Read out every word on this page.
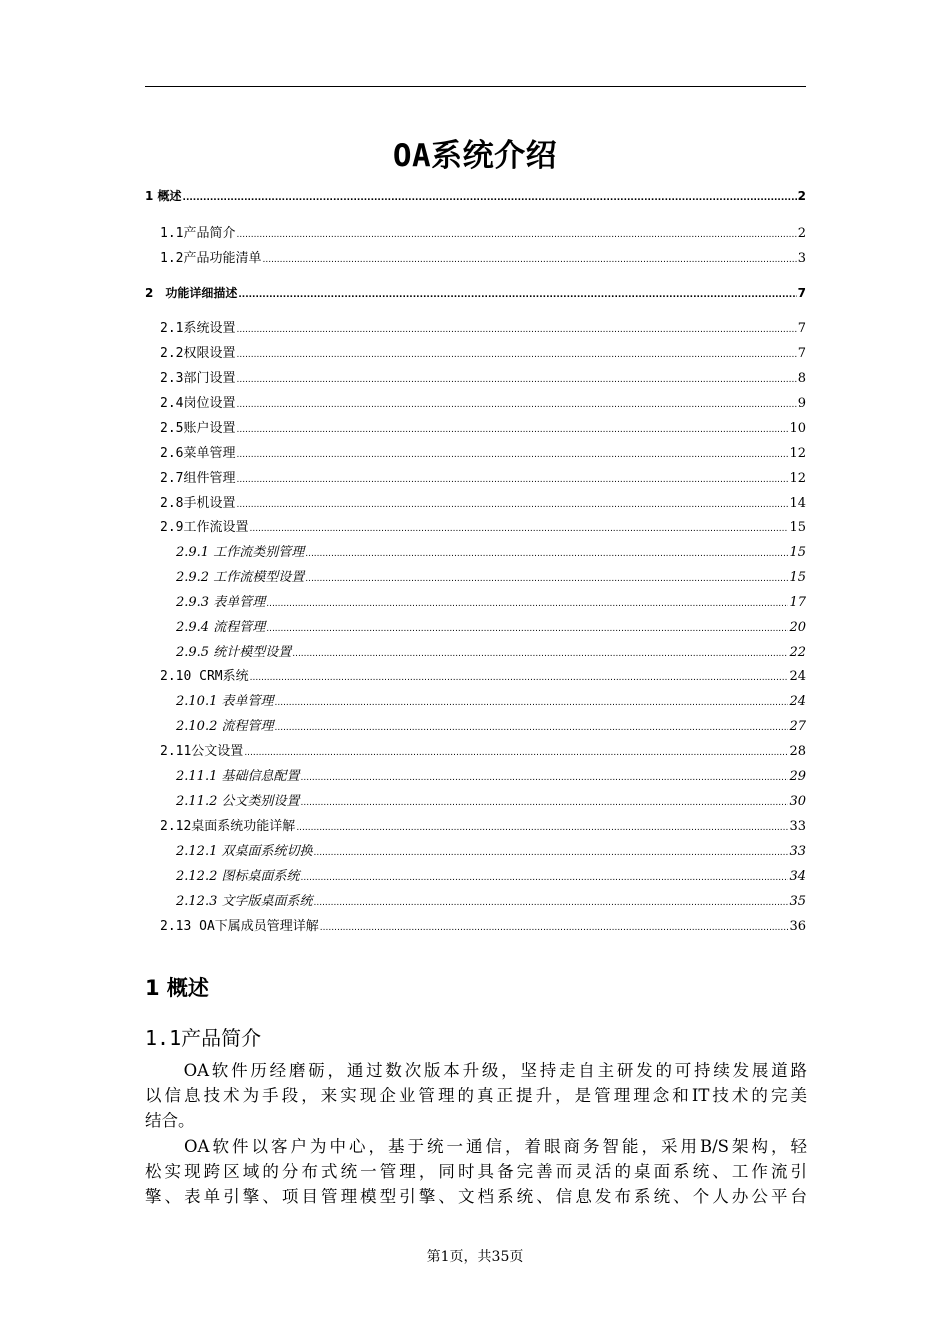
OA系统介绍
1 概述 .....	2
1.1产品简介 .....	2
1.2产品功能清单 .....	3
2　功能详细描述 .....	7
2.1系统设置 .....	7
2.2权限设置 .....	7
2.3部门设置 .....	8
2.4岗位设置 .....	9
2.5账户设置 .....	10
2.6菜单管理 .....	12
2.7组件管理 .....	12
2.8手机设置 .....	14
2.9工作流设置 .....	15
2.9.1 工作流类别管理 .....	15
2.9.2 工作流模型设置 .....	15
2.9.3 表单管理 .....	17
2.9.4 流程管理 .....	20
2.9.5 统计模型设置 .....	22
2.10 CRM系统 .....	24
2.10.1 表单管理 .....	24
2.10.2 流程管理 .....	27
2.11公文设置 .....	28
2.11.1 基础信息配置 .....	29
2.11.2 公文类别设置 .....	30
2.12桌面系统功能详解 .....	33
2.12.1 双桌面系统切换 .....	33
2.12.2 图标桌面系统 .....	34
2.12.3 文字版桌面系统 .....	35
2.13 OA下属成员管理详解 .....	36
1 概述
1.1产品简介
　　OA软件历经磨砺，通过数次版本升级，坚持走自主研发的可持续发展道路
以信息技术为手段，来实现企业管理的真正提升，是管理理念和IT技术的完美
结合。
　　OA软件以客户为中心，基于统一通信，着眼商务智能，采用B/S架构，轻
松实现跨区域的分布式统一管理，同时具备完善而灵活的桌面系统、工作流引
擎、表单引擎、项目管理模型引擎、文档系统、信息发布系统、个人办公平台
第1页，共35页
